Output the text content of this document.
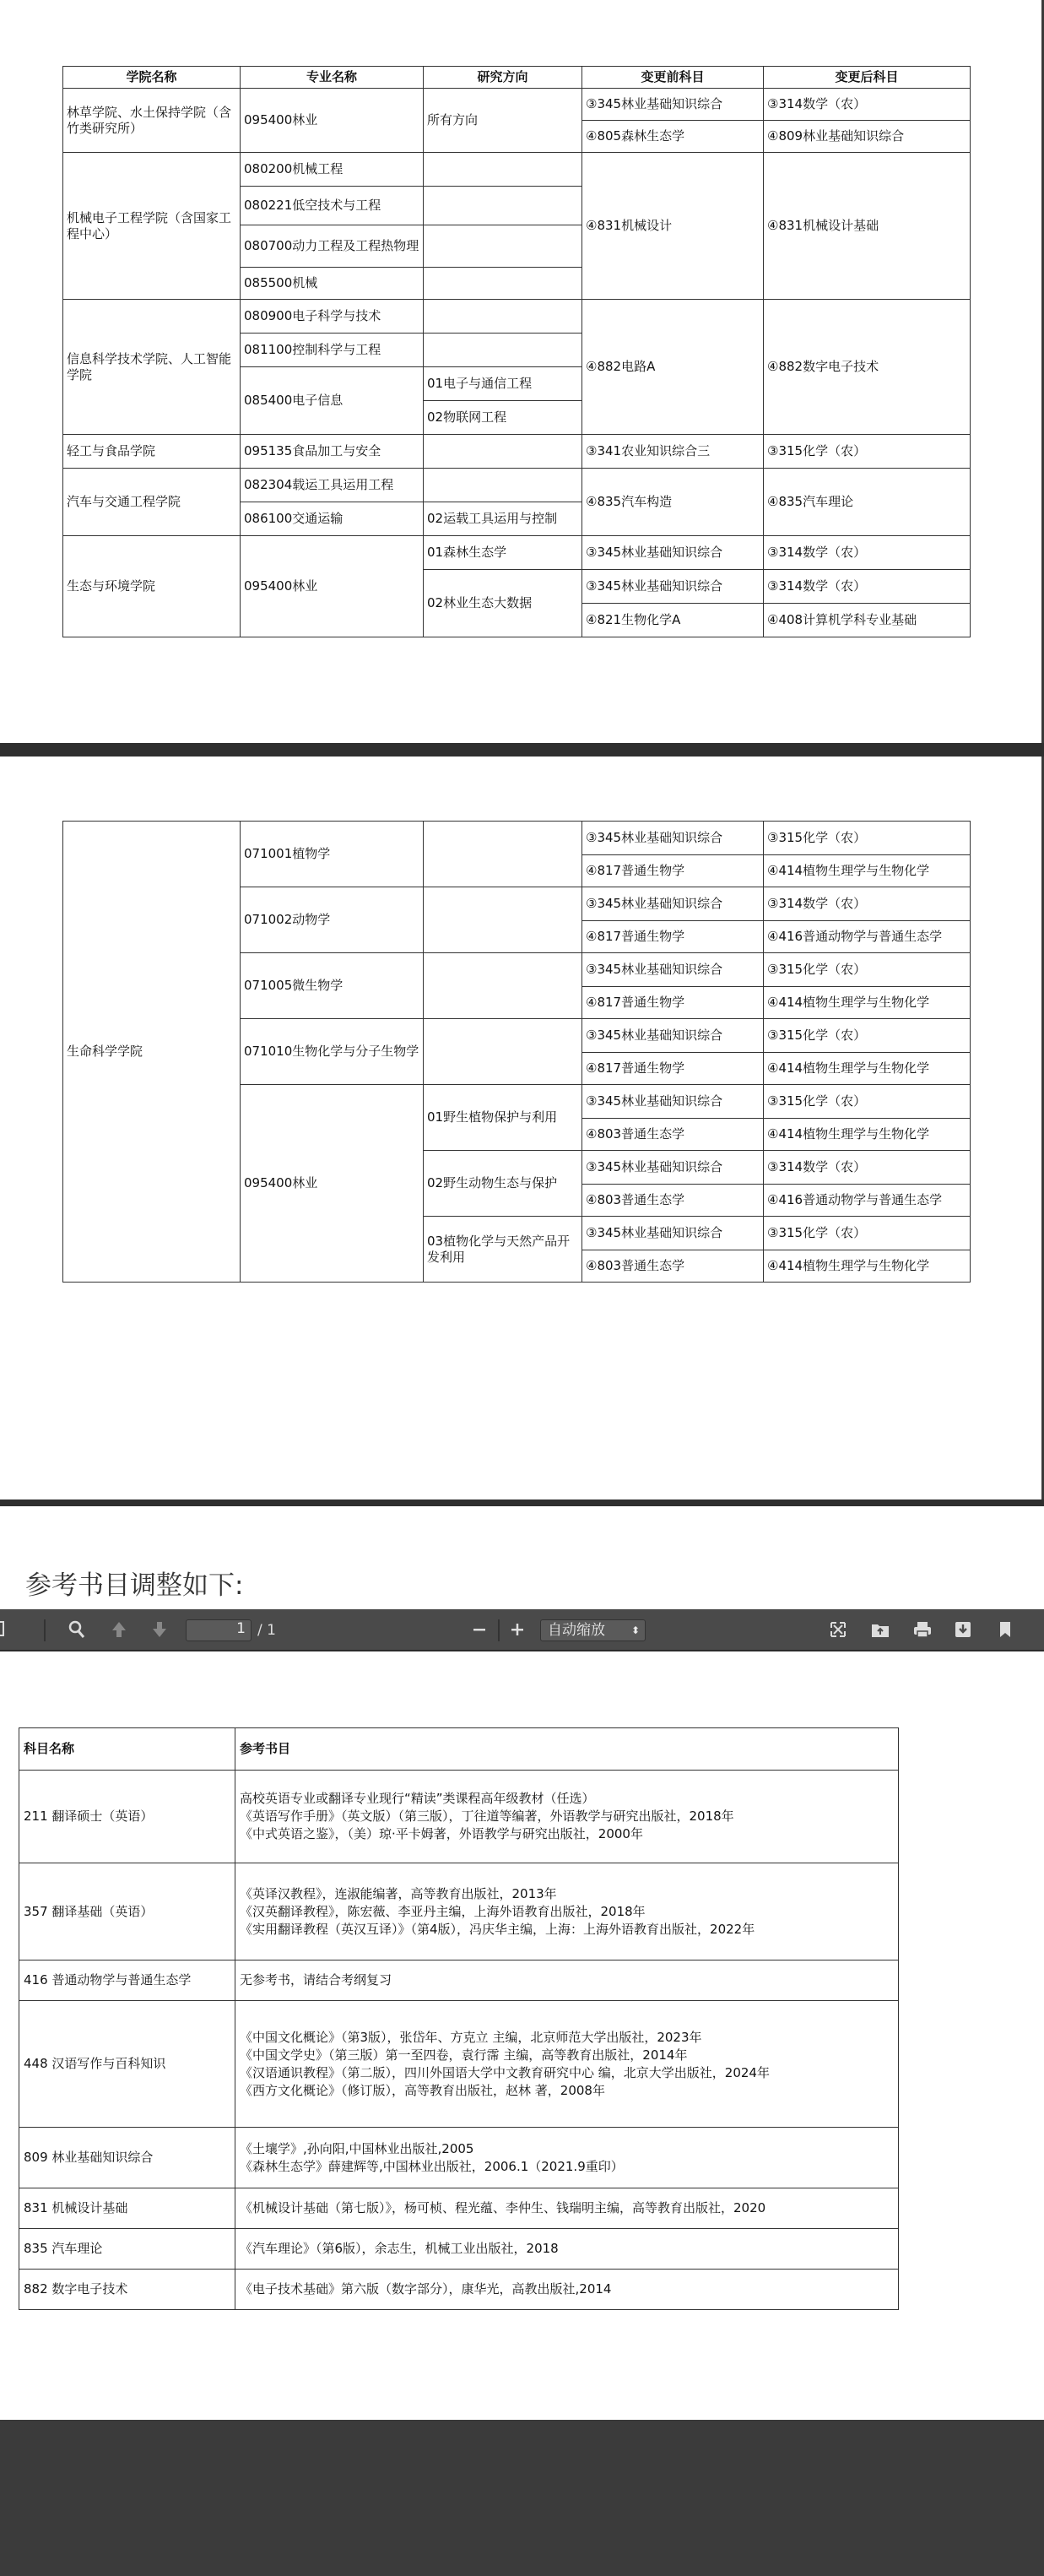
学院名称	专业名称	研究方向	变更前科目	变更后科目
林草学院、水土保持学院（含竹类研究所）	095400林业	所有方向	③345林业基础知识综合	③314数学（农）
			④805森林生态学	④809林业基础知识综合
机械电子工程学院（含国家工程中心）	080200机械工程		④831机械设计	④831机械设计基础
	080221低空技术与工程			
	080700动力工程及工程热物理			
	085500机械			
信息科学技术学院、人工智能学院	080900电子科学与技术		④882电路A	④882数字电子技术
	081100控制科学与工程			
	085400电子信息	01电子与通信工程		
		02物联网工程		
轻工与食品学院	095135食品加工与安全		③341农业知识综合三	③315化学（农）
汽车与交通工程学院	082304载运工具运用工程		④835汽车构造	④835汽车理论
	086100交通运输	02运载工具运用与控制		
生态与环境学院	095400林业	01森林生态学	③345林业基础知识综合	③314数学（农）
		02林业生态大数据	③345林业基础知识综合	③314数学（农）
			④821生物化学A	④408计算机学科专业基础
生命科学学院	071001植物学		③345林业基础知识综合	③315化学（农）
			④817普通生物学	④414植物生理学与生物化学
	071002动物学		③345林业基础知识综合	③314数学（农）
			④817普通生物学	④416普通动物学与普通生态学
	071005微生物学		③345林业基础知识综合	③315化学（农）
			④817普通生物学	④414植物生理学与生物化学
	071010生物化学与分子生物学		③345林业基础知识综合	③315化学（农）
			④817普通生物学	④414植物生理学与生物化学
	095400林业	01野生植物保护与利用	③345林业基础知识综合	③315化学（农）
			④803普通生态学	④414植物生理学与生物化学
		02野生动物生态与保护	③345林业基础知识综合	③314数学（农）
			④803普通生态学	④416普通动物学与普通生态学
		03植物化学与天然产品开发利用	③345林业基础知识综合	③315化学（农）
			④803普通生态学	④414植物生理学与生物化学
参考书目调整如下:
1 / 1	自动缩放	⬍
科目名称	参考书目
211 翻译硕士（英语）	高校英语专业或翻译专业现行“精读”类课程高年级教材（任选）
《英语写作手册》（英文版）（第三版），丁往道等编著，外语教学与研究出版社，2018年
《中式英语之鉴》，（美）琼·平卡姆著，外语教学与研究出版社，2000年

357 翻译基础（英语）	《英译汉教程》，连淑能编著，高等教育出版社，2013年
《汉英翻译教程》，陈宏薇、李亚丹主编，上海外语教育出版社，2018年
《实用翻译教程（英汉互译）》（第4版），冯庆华主编，上海：上海外语教育出版社，2022年

416 普通动物学与普通生态学	无参考书，请结合考纲复习

448 汉语写作与百科知识	《中国文化概论》（第3版），张岱年、方克立 主编，北京师范大学出版社，2023年
《中国文学史》（第三版）第一至四卷，袁行霈 主编，高等教育出版社，2014年
《汉语通识教程》（第二版），四川外国语大学中文教育研究中心 编，北京大学出版社，2024年
《西方文化概论》（修订版），高等教育出版社，赵林 著，2008年

809 林业基础知识综合	《土壤学》,孙向阳,中国林业出版社,2005
《森林生态学》薛建辉等,中国林业出版社，2006.1（2021.9重印）

831 机械设计基础	《机械设计基础（第七版）》，杨可桢、程光蕴、李仲生、钱瑞明主编，高等教育出版社，2020

835 汽车理论	《汽车理论》（第6版），余志生，机械工业出版社，2018

882 数字电子技术	《电子技术基础》第六版（数字部分），康华光，高教出版社,2014
